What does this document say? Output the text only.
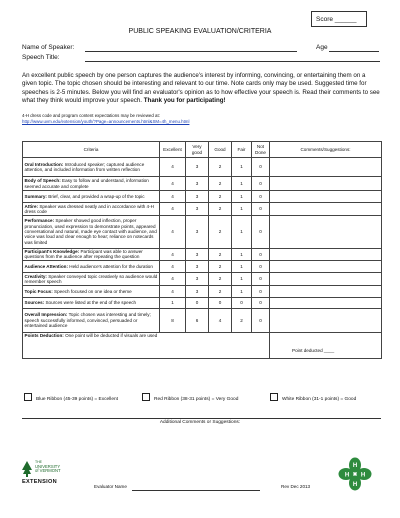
Score ______
PUBLIC SPEAKING EVALUATION/CRITERIA
Name of Speaker:	Age
Speech Title:
An excellent public speech by one person captures the audience's interest by informing, convincing, or entertaining them on a given topic. The topic chosen should be interesting and relevant to our time. Note cards only may be used. Suggested time for speeches is 2-5 minutes. Below you will find an evaluator's opinion as to how effective your speech is. Read their comments to see what they think would improve your speech. Thank you for participating!
4-H dress code and program content expectations may be reviewed at:
http://www.uvm.edu/extension/youth/?Page=announcements.html&SM=4h_menu.html
Criteria	Excellent	Very good	Good	Fair	Not Done	Comments/Suggestions:
Oral Introduction: Introduced speaker; captured audience attention, and included information from written reflection	4	3	2	1	0	
Body of Speech: Easy to follow and understand, information seemed accurate and complete	4	3	2	1	0	
Summary: Brief, clear, and provided a wrap-up of the topic	4	3	2	1	0	
Attire: Speaker was dressed neatly and in accordance with 4-H dress code	4	3	2	1	0	
Performance: Speaker showed good inflection, proper pronunciation, used expression to demonstrate points, appeared conversational and natural, made eye contact with audience, and voice was loud and clear enough to hear; reliance on notecards was limited	4	3	2	1	0	
Participant's Knowledge: Participant was able to answer questions from the audience after repeating the question	4	3	2	1	0	
Audience Attention: Held audience's attention for the duration	4	3	2	1	0	
Creativity: Speaker conveyed topic creatively so audience would remember speech	4	3	2	1	0	
Topic Focus: Speech focused on one idea or theme	4	3	2	1	0	
Sources: Sources were listed at the end of the speech	1	0	0	0	0	
Overall Impression: Topic chosen was interesting and timely; speech successfully informed, convinced, persuaded or entertained audience	8	6	4	2	0	
Points Deduction: One point will be deducted if visuals are used						Point deducted ____
Blue Ribbon (45-39 points) = Excellent	Red Ribbon (38-31 points) = Very Good	White Ribbon (31-1 points) = Good
Additional Comments or Suggestions:
THE
UNIVERSITY
of VERMONT
EXTENSION
Evaluator Name	Rev Dec 2013
H
H
H H
